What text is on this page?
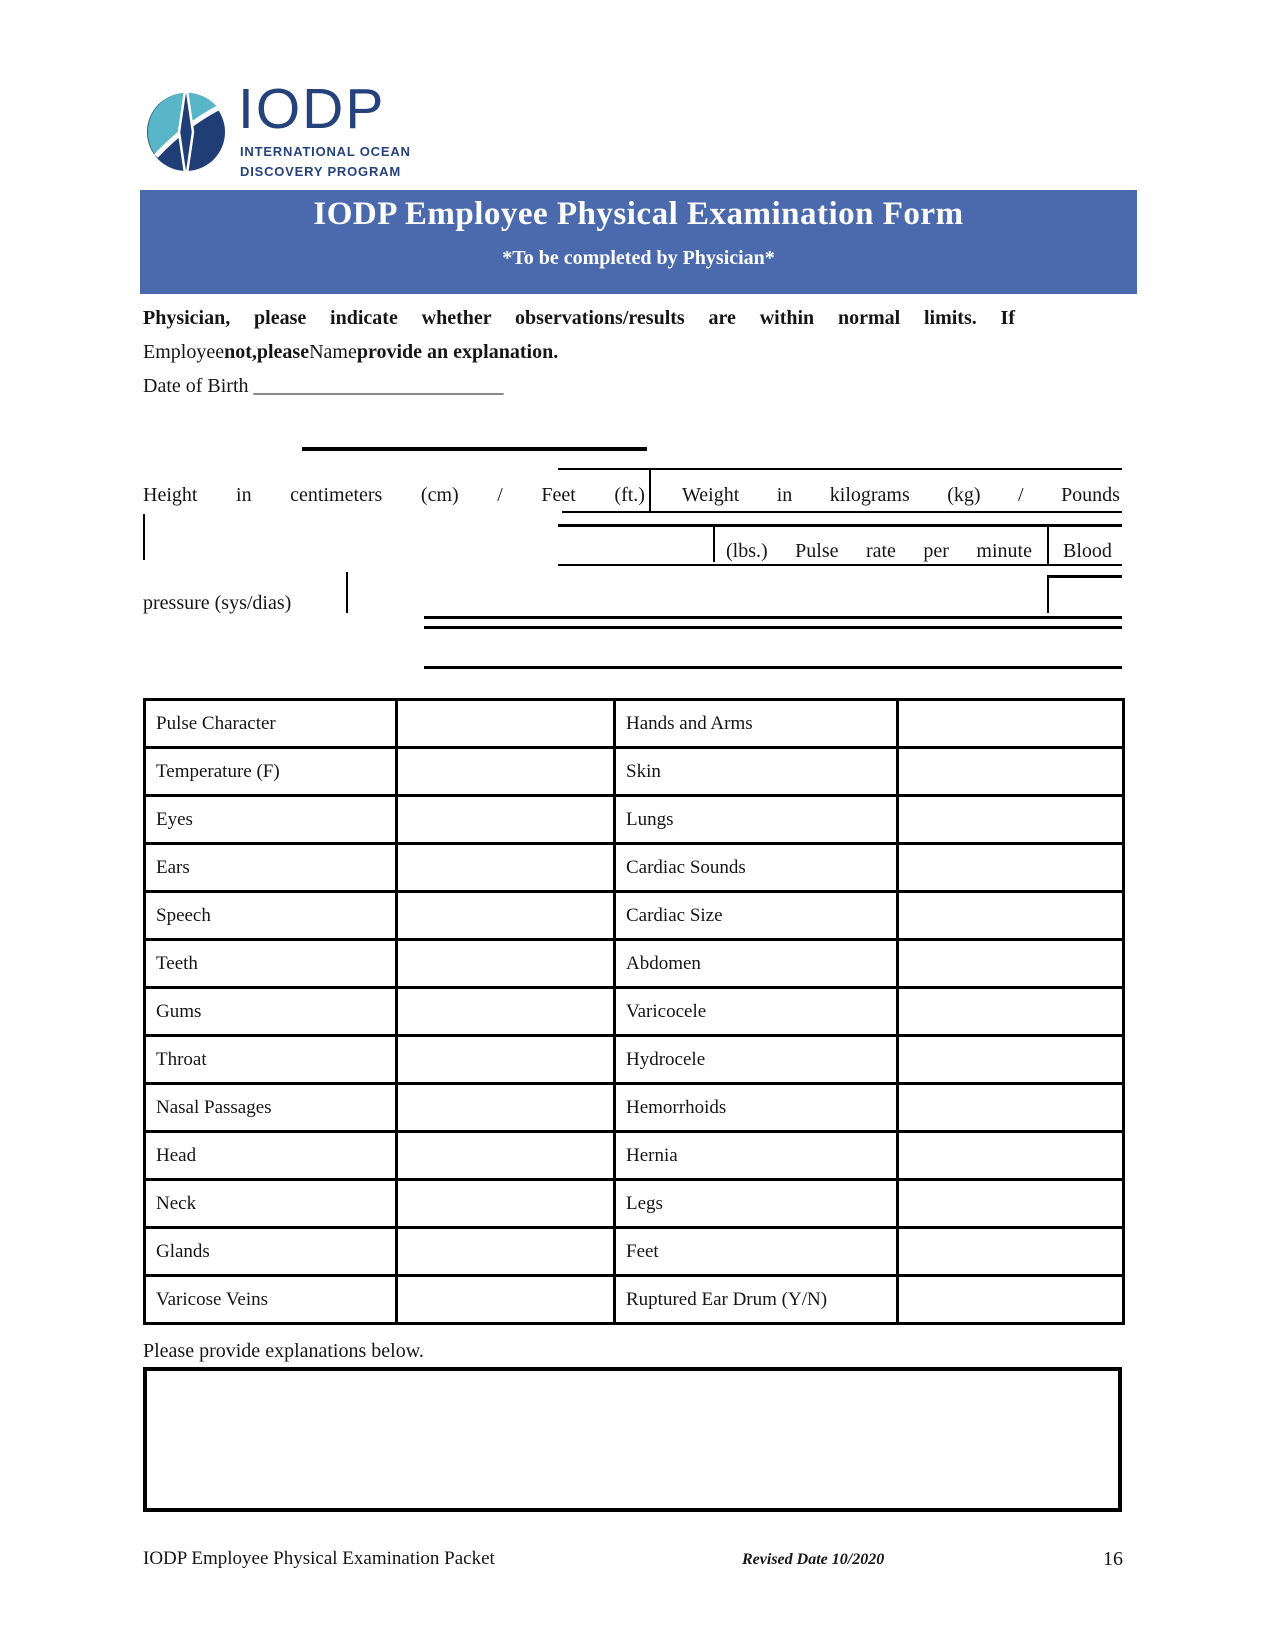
IODP
INTERNATIONAL OCEAN
DISCOVERY PROGRAM
IODP Employee Physical Examination Form
*To be completed by Physician*
Physician, please indicate whether observations/results are within normal limits. If
Employeenot,pleaseNameprovide an explanation.
Date of Birth _________________________
Height in centimeters (cm) / Feet (ft.) Weight in kilograms (kg) / Pounds
(lbs.) Pulse rate per minute Blood
pressure (sys/dias)
Pulse Character		Hands and Arms	
Temperature (F)		Skin	
Eyes		Lungs	
Ears		Cardiac Sounds	
Speech		Cardiac Size	
Teeth		Abdomen	
Gums		Varicocele	
Throat		Hydrocele	
Nasal Passages		Hemorrhoids	
Head		Hernia	
Neck		Legs	
Glands		Feet	
Varicose Veins		Ruptured Ear Drum (Y/N)	
Please provide explanations below.
IODP Employee Physical Examination Packet	Revised Date 10/2020	16
